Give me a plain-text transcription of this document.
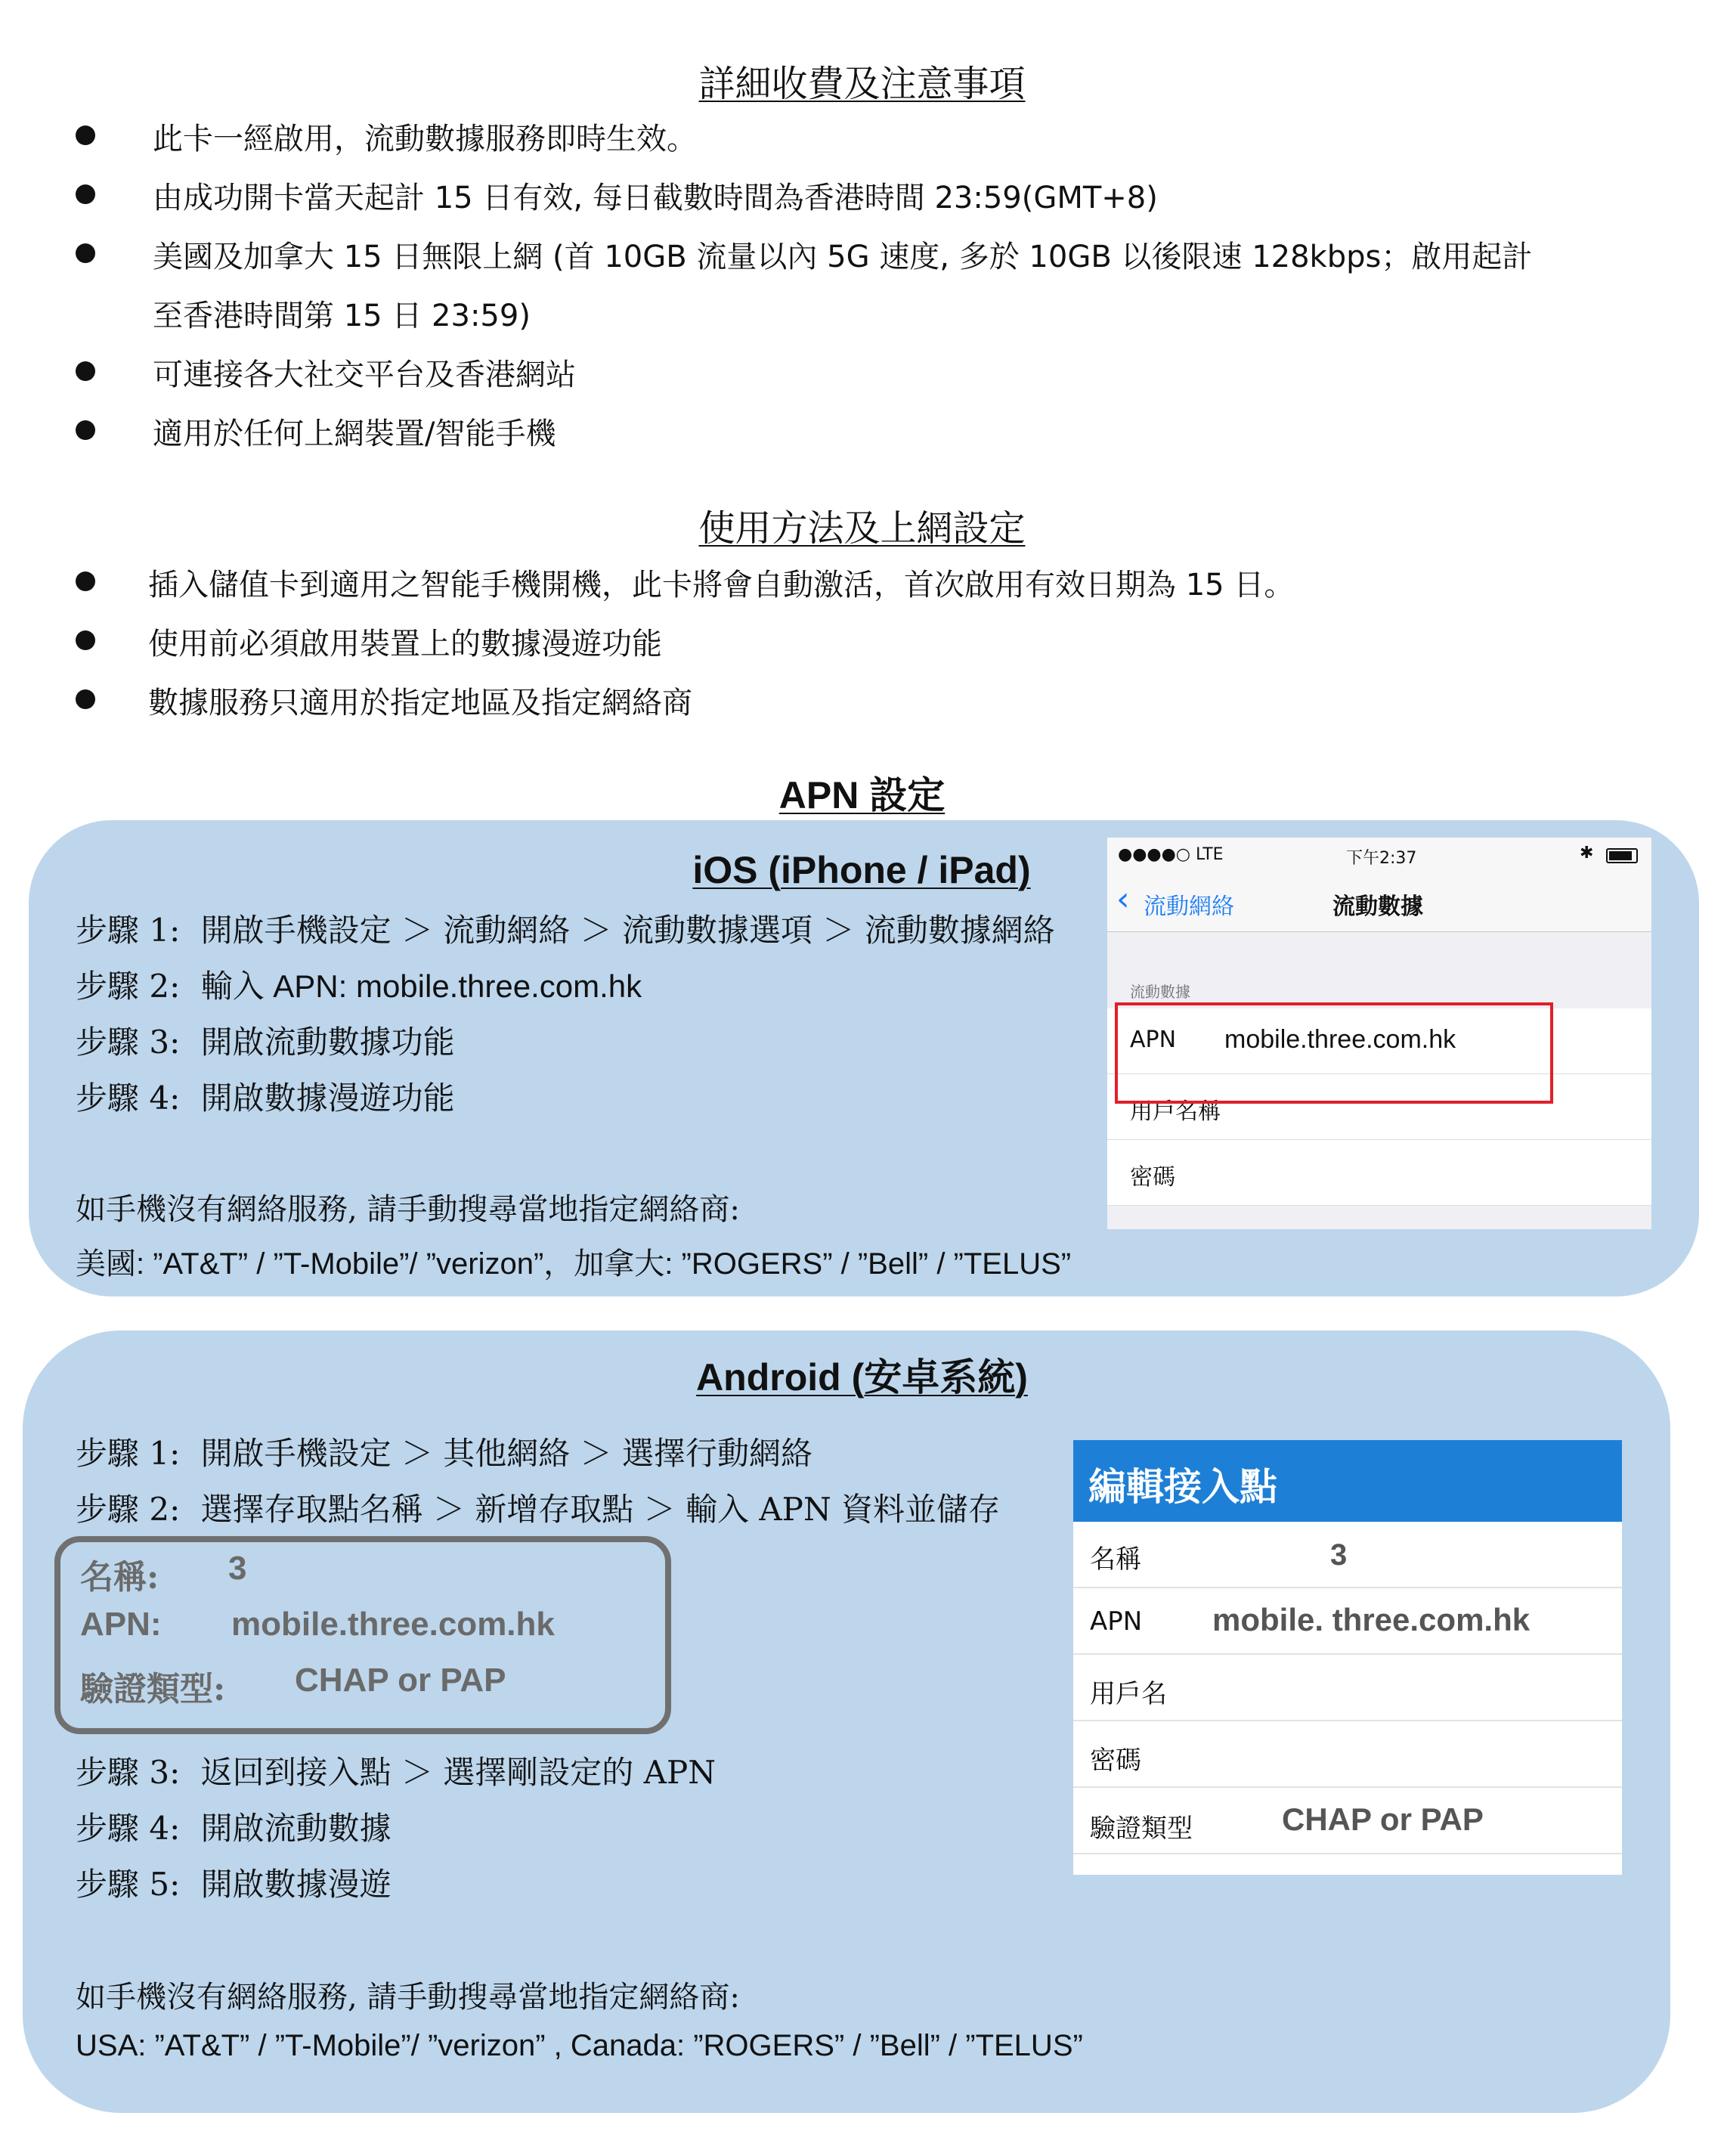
詳細收費及注意事項
此卡一經啟用，流動數據服務即時生效。
由成功開卡當天起計 15 日有效, 每日截數時間為香港時間 23:59(GMT+8)
美國及加拿大 15 日無限上網 (首 10GB 流量以內 5G 速度, 多於 10GB 以後限速 128kbps；啟用起計
至香港時間第 15 日 23:59)
可連接各大社交平台及香港網站
適用於任何上網裝置/智能手機
使用方法及上網設定
插入儲值卡到適用之智能手機開機，此卡將會自動激活，首次啟用有效日期為 15 日。
使用前必須啟用裝置上的數據漫遊功能
數據服務只適用於指定地區及指定網絡商
APN 設定
iOS (iPhone / iPad)
步驟 1: 開啟手機設定 ＞ 流動網絡 ＞ 流動數據選項 ＞ 流動數據網絡
步驟 2: 輸入 APN: mobile.three.com.hk
步驟 3: 開啟流動數據功能
步驟 4: 開啟數據漫遊功能
如手機沒有網絡服務, 請手動搜尋當地指定網絡商:
美國: ”AT&T” / ”T-Mobile”/ ”verizon”，加拿大: ”ROGERS” / ”Bell” / ”TELUS”
●●●●○ LTE	下午2:37	✱
‹ 流動網絡	流動數據
流動數據
APN mobile.three.com.hk
用戶名稱
密碼
Android (安卓系統)
步驟 1: 開啟手機設定 ＞ 其他網絡 ＞ 選擇行動網絡
步驟 2: 選擇存取點名稱 ＞ 新增存取點 ＞ 輸入 APN 資料並儲存
名稱: 3
APN: mobile.three.com.hk
驗證類型: CHAP or PAP
步驟 3: 返回到接入點 ＞ 選擇剛設定的 APN
步驟 4: 開啟流動數據
步驟 5: 開啟數據漫遊
如手機沒有網絡服務, 請手動搜尋當地指定網絡商:
USA: ”AT&T” / ”T-Mobile”/ ”verizon” , Canada: ”ROGERS” / ”Bell” / ”TELUS”
編輯接入點
名稱	3
APN mobile. three.com.hk
用戶名
密碼
驗證類型	CHAP or PAP
